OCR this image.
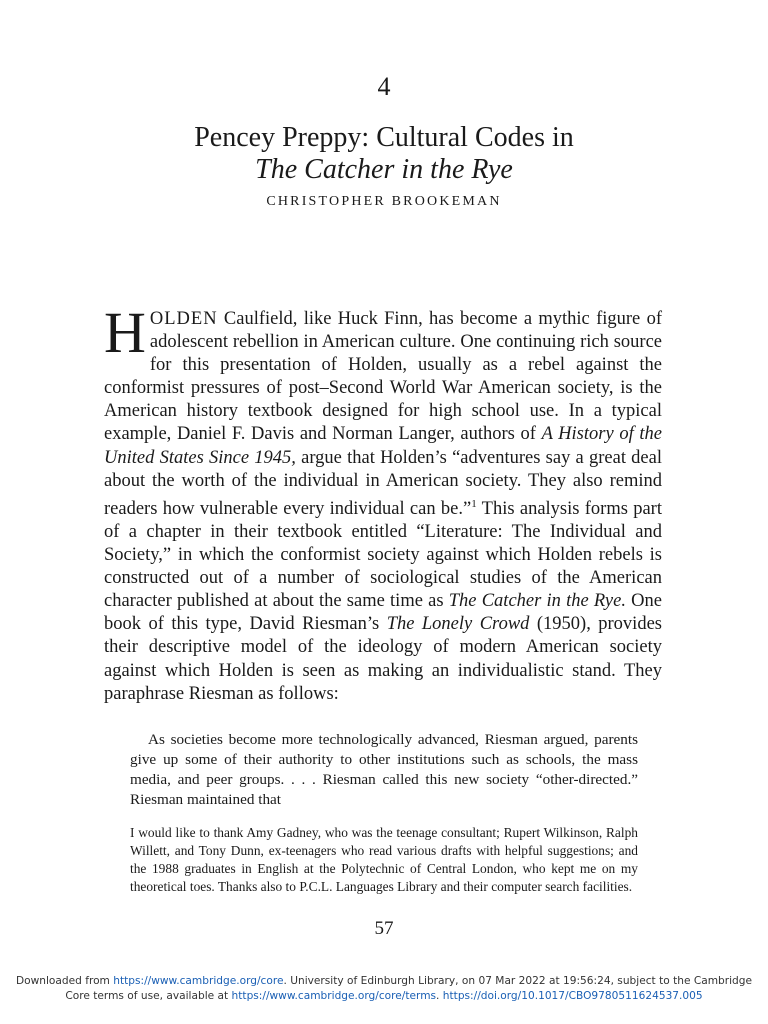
4
Pencey Preppy: Cultural Codes in
The Catcher in the Rye
CHRISTOPHER BROOKEMAN
HOLDEN Caulfield, like Huck Finn, has become a mythic figure of adolescent rebellion in American culture. One continuing rich source for this presentation of Holden, usually as a rebel against the conformist pressures of post–Second World War American society, is the American history textbook designed for high school use. In a typical example, Daniel F. Davis and Norman Langer, authors of A History of the United States Since 1945, argue that Holden’s “adventures say a great deal about the worth of the individual in American society. They also remind readers how vulnerable every individual can be.”$^1$ This analysis forms part of a chapter in their textbook entitled “Literature: The Individual and Society,” in which the conformist society against which Holden rebels is constructed out of a number of sociological studies of the American character published at about the same time as The Catcher in the Rye. One book of this type, David Riesman’s The Lonely Crowd (1950), provides their descriptive model of the ideology of modern American society against which Holden is seen as making an individualistic stand. They paraphrase Riesman as follows:
As societies become more technologically advanced, Riesman argued, parents give up some of their authority to other institutions such as schools, the mass media, and peer groups. . . . Riesman called this new society “other-directed.” Riesman maintained that
I would like to thank Amy Gadney, who was the teenage consultant; Rupert Wilkinson, Ralph Willett, and Tony Dunn, ex-teenagers who read various drafts with helpful suggestions; and the 1988 graduates in English at the Polytechnic of Central London, who kept me on my theoretical toes. Thanks also to P.C.L. Languages Library and their computer search facilities.
57
Downloaded from https://www.cambridge.org/core. University of Edinburgh Library, on 07 Mar 2022 at 19:56:24, subject to the Cambridge Core terms of use, available at https://www.cambridge.org/core/terms. https://doi.org/10.1017/CBO9780511624537.005
